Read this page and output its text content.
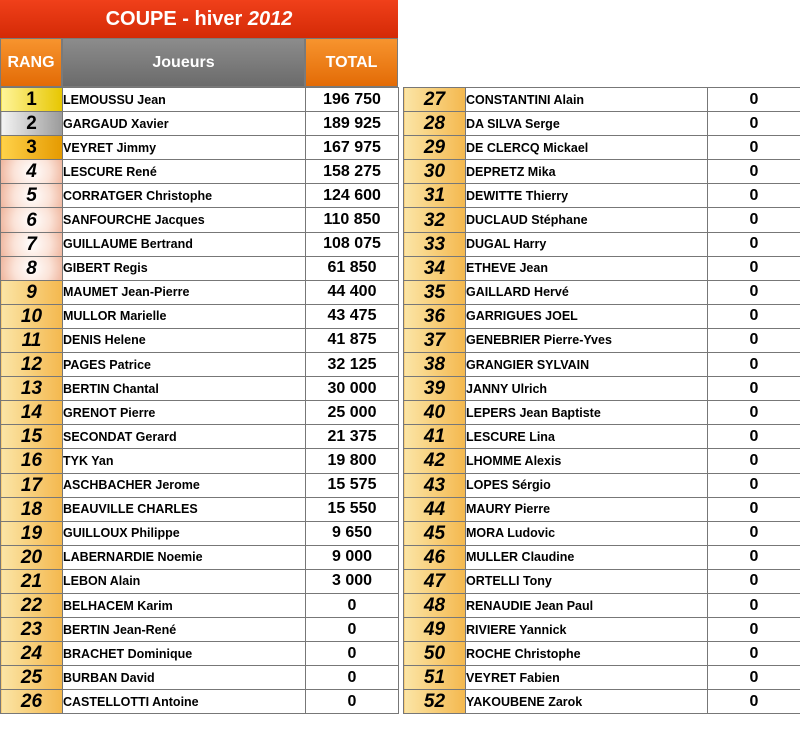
COUPE - hiver 2012
RANG	Joueurs	TOTAL
1	LEMOUSSU Jean	196 750
2	GARGAUD Xavier	189 925
3	VEYRET Jimmy	167 975
4	LESCURE René	158 275
5	CORRATGER Christophe	124 600
6	SANFOURCHE Jacques	110 850
7	GUILLAUME Bertrand	108 075
8	GIBERT Regis	61 850
9	MAUMET Jean-Pierre	44 400
10	MULLOR Marielle	43 475
11	DENIS Helene	41 875
12	PAGES Patrice	32 125
13	BERTIN Chantal	30 000
14	GRENOT Pierre	25 000
15	SECONDAT Gerard	21 375
16	TYK Yan	19 800
17	ASCHBACHER Jerome	15 575
18	BEAUVILLE CHARLES	15 550
19	GUILLOUX Philippe	9 650
20	LABERNARDIE Noemie	9 000
21	LEBON Alain	3 000
22	BELHACEM Karim	0
23	BERTIN Jean-René	0
24	BRACHET Dominique	0
25	BURBAN David	0
26	CASTELLOTTI Antoine	0
27	CONSTANTINI Alain	0
28	DA SILVA Serge	0
29	DE CLERCQ Mickael	0
30	DEPRETZ Mika	0
31	DEWITTE Thierry	0
32	DUCLAUD Stéphane	0
33	DUGAL Harry	0
34	ETHEVE Jean	0
35	GAILLARD Hervé	0
36	GARRIGUES JOEL	0
37	GENEBRIER Pierre-Yves	0
38	GRANGIER SYLVAIN	0
39	JANNY Ulrich	0
40	LEPERS Jean Baptiste	0
41	LESCURE Lina	0
42	LHOMME Alexis	0
43	LOPES Sérgio	0
44	MAURY Pierre	0
45	MORA Ludovic	0
46	MULLER Claudine	0
47	ORTELLI Tony	0
48	RENAUDIE Jean Paul	0
49	RIVIERE Yannick	0
50	ROCHE Christophe	0
51	VEYRET Fabien	0
52	YAKOUBENE Zarok	0
